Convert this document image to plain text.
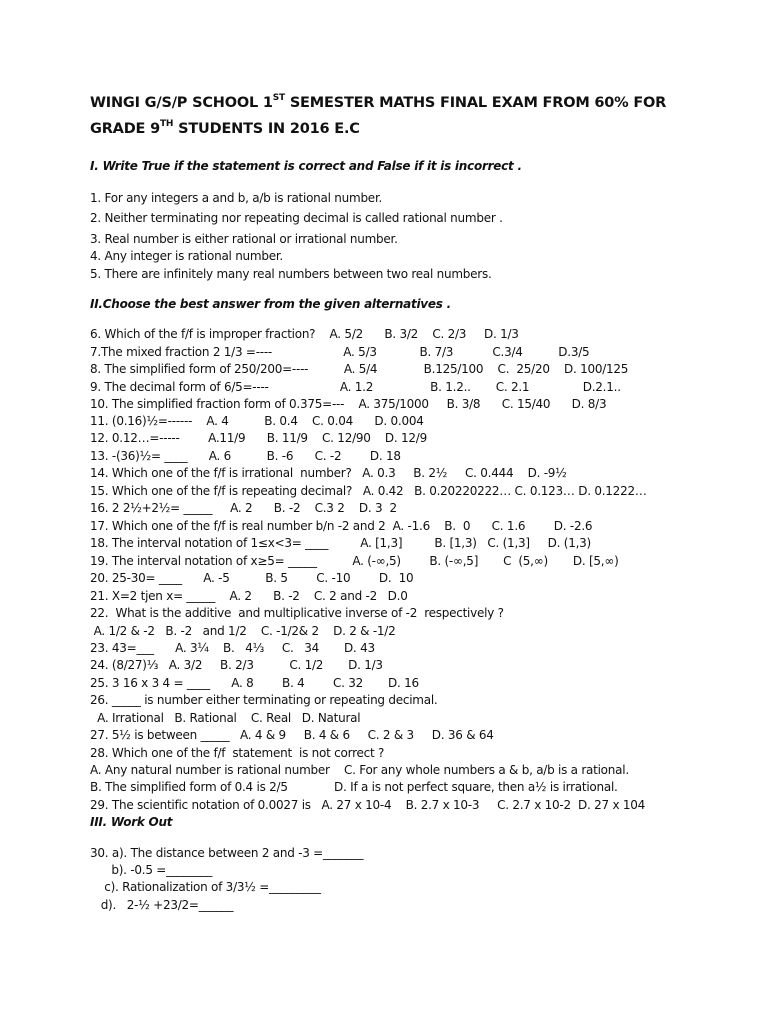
WINGI G/S/P SCHOOL 1ST SEMESTER MATHS FINAL EXAM FROM 60% FOR
GRADE 9TH STUDENTS IN 2016 E.C
I. Write True if the statement is correct and False if it is incorrect .
1. For any integers a and b, a/b is rational number.
2. Neither terminating nor repeating decimal is called rational number .
3. Real number is either rational or irrational number.
4. Any integer is rational number.
5. There are infinitely many real numbers between two real numbers.
II.Choose the best answer from the given alternatives .
6. Which of the f/f is improper fraction?    A. 5/2      B. 3/2    C. 2/3     D. 1/3
7.The mixed fraction 2 1/3 =----                    A. 5/3            B. 7/3           C.3/4          D.3/5
8. The simplified form of 250/200=----          A. 5/4             B.125/100    C.  25/20    D. 100/125
9. The decimal form of 6/5=----                    A. 1.2                B. 1.2..       C. 2.1               D.2.1..
10. The simplified fraction form of 0.375=---    A. 375/1000     B. 3/8      C. 15/40      D. 8/3
11. (0.16)½=------    A. 4          B. 0.4    C. 0.04      D. 0.004
12. 0.12…=-----        A.11/9      B. 11/9    C. 12/90    D. 12/9
13. -(36)½= ____      A. 6          B. -6      C. -2        D. 18
14. Which one of the f/f is irrational  number?   A. 0.3     B. 2½     C. 0.444    D. -9½
15. Which one of the f/f is repeating decimal?   A. 0.42   B. 0.20220222… C. 0.123… D. 0.1222…
16. 2 2½+2½= _____     A. 2      B. -2    C.3 2    D. 3  2
17. Which one of the f/f is real number b/n -2 and 2  A. -1.6    B.  0      C. 1.6        D. -2.6
18. The interval notation of 1≤x<3= ____         A. [1,3]         B. [1,3)   C. (1,3]     D. (1,3)
19. The interval notation of x≥5= _____          A. (-∞,5)        B. (-∞,5]       C  (5,∞)       D. [5,∞)
20. 25-30= ____      A. -5          B. 5        C. -10        D.  10
21. X=2 tjen x= _____    A. 2      B. -2    C. 2 and -2   D.0
22.  What is the additive  and multiplicative inverse of -2  respectively ?
A. 1/2 & -2   B. -2   and 1/2    C. -1/2& 2    D. 2 & -1/2
23. 43=___      A. 3¼    B.   4⅓     C.   34       D. 43
24. (8/27)⅓   A. 3/2     B. 2/3          C. 1/2       D. 1/3
25. 3 16 x 3 4 = ____      A. 8        B. 4        C. 32       D. 16
26. _____ is number either terminating or repeating decimal.
A. Irrational   B. Rational    C. Real   D. Natural
27. 5½ is between _____   A. 4 & 9     B. 4 & 6     C. 2 & 3     D. 36 & 64
28. Which one of the f/f  statement  is not correct ?
A. Any natural number is rational number    C. For any whole numbers a & b, a/b is a rational.
B. The simplified form of 0.4 is 2/5             D. If a is not perfect square, then a½ is irrational.
29. The scientific notation of 0.0027 is   A. 27 x 10-4    B. 2.7 x 10-3     C. 2.7 x 10-2  D. 27 x 104
III. Work Out
30. a). The distance between 2 and -3 =_______
b). -0.5 =________
c). Rationalization of 3/3½ =_________
d).   2-½ +23/2=______
